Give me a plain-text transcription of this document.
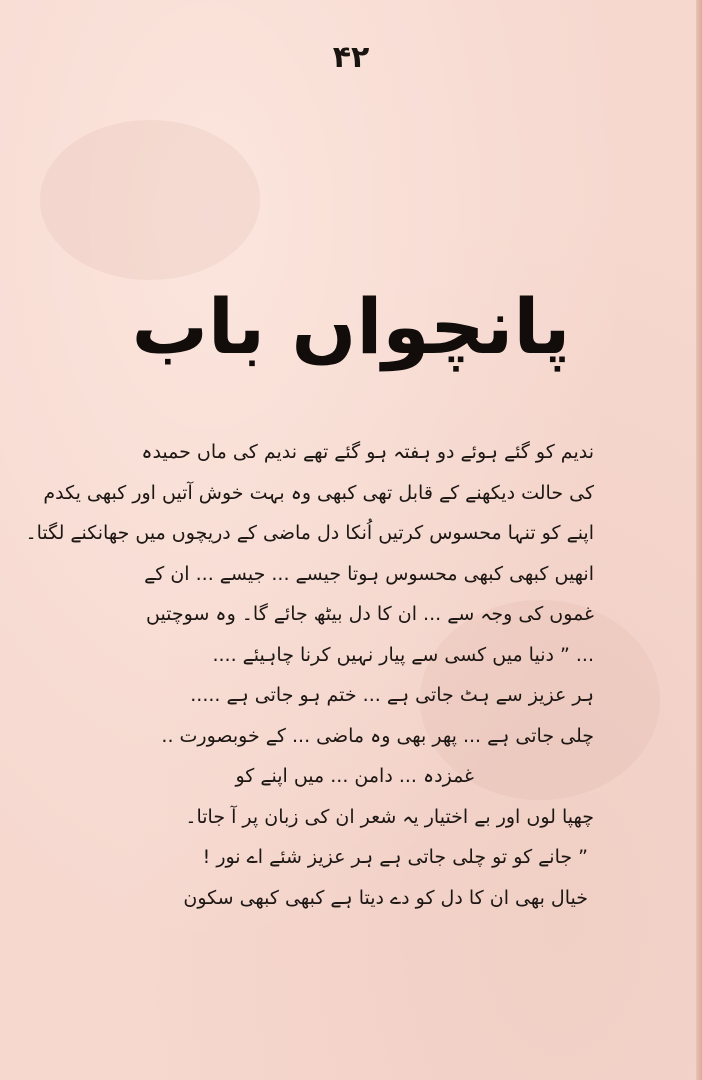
۴۲
پانچواں باب
ندیم کو گئے ہوئے دو ہفتہ ہو گئے تھے ندیم کی ماں حمیدہ
کی حالت دیکھنے کے قابل تھی کبھی وہ بہت خوش آتیں اور کبھی یکدم
اپنے کو تنہا محسوس کرتیں اُنکا دل ماضی کے دریچوں میں جھانکنے لگتا۔
انھیں کبھی کبھی محسوس ہوتا جیسے ... جیسے ... ان کے
غموں کی وجہ سے ... ان کا دل بیٹھ جائے گا۔ وہ سوچتیں
... ” دنیا میں کسی سے پیار نہیں کرنا چاہیئے ....
ہر عزیز سے ہٹ جاتی ہے ... ختم ہو جاتی ہے .....
چلی جاتی ہے ... پھر بھی وہ ماضی ... کے خوبصورت ..
غمزدہ ... دامن ... میں اپنے کو
چھپا لوں اور بے اختیار یہ شعر ان کی زبان پر آ جاتا۔
” جانے کو تو چلی جاتی ہے ہر عزیز شئے اے نور !
خیال بھی ان کا دل کو دے دیتا ہے کبھی کبھی سکون
